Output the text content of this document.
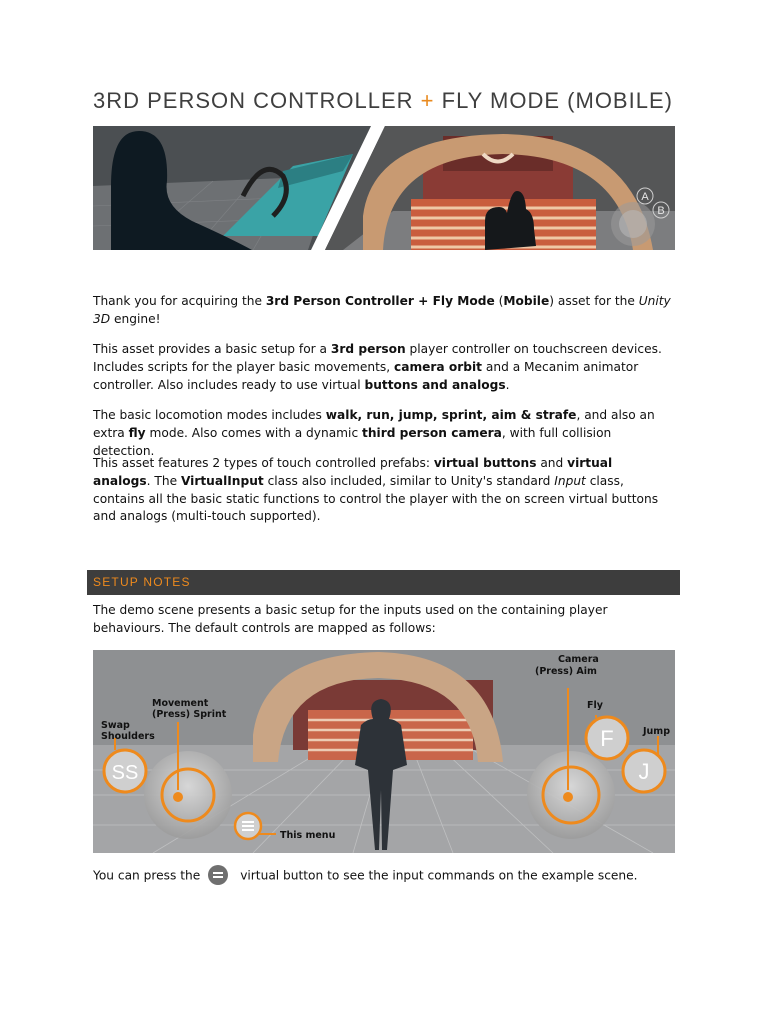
3RD PERSON CONTROLLER + FLY MODE (MOBILE)
A
B
Thank you for acquiring the 3rd Person Controller + Fly Mode (Mobile) asset for the Unity 3D engine!
This asset provides a basic setup for a 3rd person player controller on touchscreen devices. Includes scripts for the player basic movements, camera orbit and a Mecanim animator controller. Also includes ready to use virtual buttons and analogs.
The basic locomotion modes includes walk, run, jump, sprint, aim & strafe, and also an extra fly mode. Also comes with a dynamic third person camera, with full collision detection.
This asset features 2 types of touch controlled prefabs: virtual buttons and virtual analogs. The VirtualInput class also included, similar to Unity's standard Input class, contains all the basic static functions to control the player with the on screen virtual buttons and analogs (multi-touch supported).
SETUP NOTES
The demo scene presents a basic setup for the inputs used on the containing player behaviours. The default controls are mapped as follows:
SS
F
J
Swap
Shoulders
Movement
(Press) Sprint
This menu
Camera
(Press) Aim
Fly
Jump
You can press the	virtual button to see the input commands on the example scene.
